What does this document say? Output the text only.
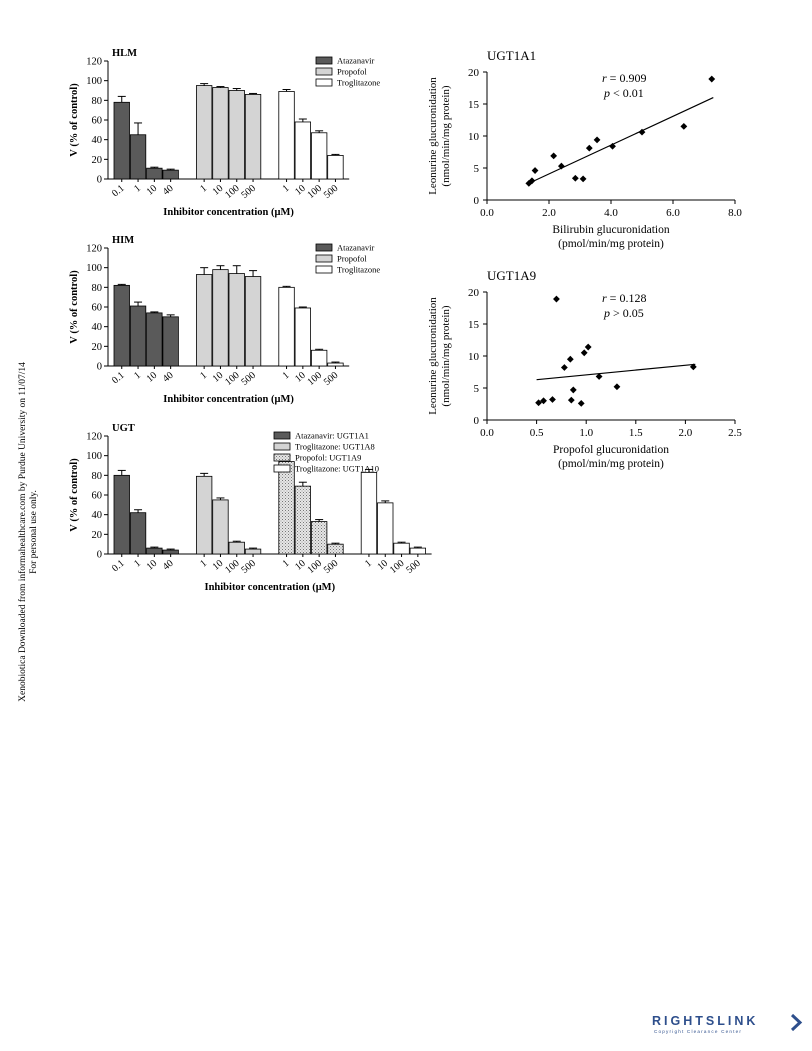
HLM
0
20
40
60
80
100
120
V (% of control)
0.1 1 10 40 1 10
100
500 1 10
100
500
Inhibitor concentration (μM)
Atazanavir
Propofol
Troglitazone
HIM
0
20
40
60
80
100
120
V (% of control)
0.1 1 10 40 1 10
100
500 1 10
100
500
Inhibitor concentration (μM)
Atazanavir
Propofol
Troglitazone
UGT
0
20
40
60
80
100
120
V (% of control)
0.1 1 10 40 1 10
100
500 1 10
100
500 1 10
100
500
Inhibitor concentration (μM)
Atazanavir: UGT1A1
Troglitazone: UGT1A8
Propofol: UGT1A9
Troglitazone: UGT1A10
UGT1A1
0
5
10
15
20
0.0	2.0	4.0	6.0	8.0
Bilirubin glucuronidation
(pmol/min/mg protein)
Leonurine glucuronidation (nmol/min/mg protein)
r = 0.909
p < 0.01
UGT1A9
0
5
10
15
20
0.0	0.5	1.0	1.5	2.0	2.5
Propofol glucuronidation
(pmol/min/mg protein)
Leonurine glucuronidation (nmol/min/mg protein)
r = 0.128
p > 0.05
Xenobiotica Downloaded from informahealthcare.com by Purdue University on 11/07/14 For personal use only.
RIGHTSLINK
Copyright Clearance Center
